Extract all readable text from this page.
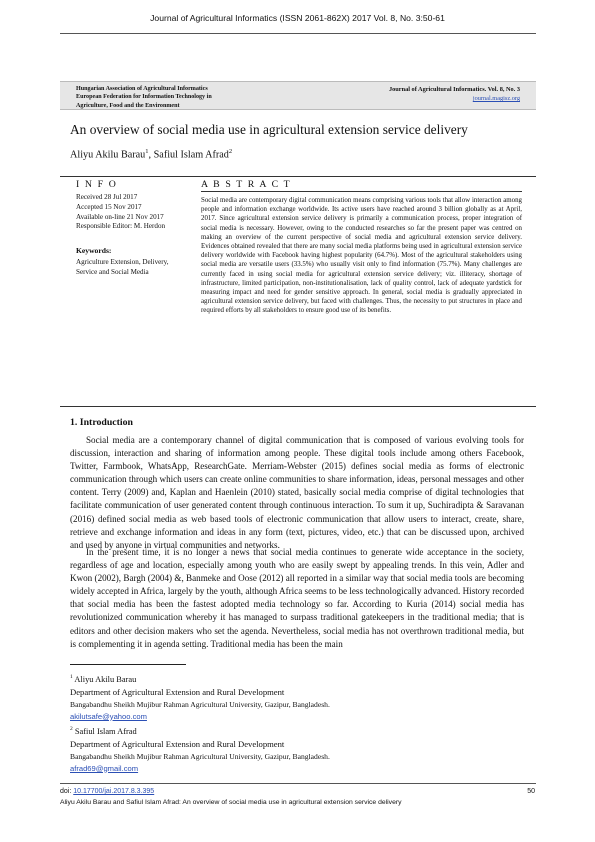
Journal of Agricultural Informatics (ISSN 2061-862X) 2017 Vol. 8, No. 3:50-61
Hungarian Association of Agricultural Informatics
European Federation for Information Technology in
Agriculture, Food and the Environment
Journal of Agricultural Informatics. Vol. 8, No. 3
journal.magisz.org
An overview of social media use in agricultural extension service delivery
Aliyu Akilu Barau$^1$, Safiul Islam Afrad$^2$
I N F O
Received 28 Jul 2017
Accepted 15 Nov 2017
Available on-line 21 Nov 2017
Responsible Editor: M. Herdon
Keywords:
Agriculture Extension, Delivery, Service and Social Media
A B S T R A C T
Social media are contemporary digital communication means comprising various tools that allow interaction among people and information exchange worldwide. Its active users have reached around 3 billion globally as at April, 2017. Since agricultural extension service delivery is primarily a communication process, proper integration of social media is necessary. However, owing to the conducted researches so far the present paper was centred on making an overview of the current perspective of social media and agricultural extension service delivery. Evidences obtained revealed that there are many social media platforms being used in agricultural extension service delivery worldwide with Facebook having highest popularity (64.7%). Most of the agricultural stakeholders using social media are versatile users (33.5%) who usually visit only to find information (75.7%). Many challenges are currently faced in using social media for agricultural extension service delivery; viz. illiteracy, shortage of infrastructure, limited participation, non-institutionalisation, lack of quality control, lack of adequate yardstick for measuring impact and need for gender sensitive approach. In general, social media is gradually appreciated in agricultural extension service delivery, but faced with challenges. Thus, the necessity to put structures in place and required efforts by all stakeholders to ensure good use of its benefits.
1. Introduction
Social media are a contemporary channel of digital communication that is composed of various evolving tools for discussion, interaction and sharing of information among people. These digital tools include among others Facebook, Twitter, Farmbook, WhatsApp, ResearchGate. Merriam-Webster (2015) defines social media as forms of electronic communication through which users can create online communities to share information, ideas, personal messages and other content. Terry (2009) and, Kaplan and Haenlein (2010) stated, basically social media comprise of digital technologies that facilitate communication of user generated content through continuous interaction. To sum it up, Suchiradipta & Saravanan (2016) defined social media as web based tools of electronic communication that allow users to interact, create, share, retrieve and exchange information and ideas in any form (text, pictures, video, etc.) that can be discussed upon, archived and used by anyone in virtual communities and networks.
In the present time, it is no longer a news that social media continues to generate wide acceptance in the society, regardless of age and location, especially among youth who are easily swept by appealing trends. In this vein, Adler and Kwon (2002), Bargh (2004) &, Banmeke and Oose (2012) all reported in a similar way that social media tools are becoming widely accepted in Africa, largely by the youth, although Africa seems to be less technologically advanced. History recorded that social media has been the fastest adopted media technology so far. According to Kuria (2014) social media has revolutionized communication whereby it has managed to surpass traditional gatekeepers in the traditional media; that is editors and other decision makers who set the agenda. Nevertheless, social media has not overthrown traditional media, but is complementing it in agenda setting. Traditional media has been the main
$^1$ Aliyu Akilu Barau
Department of Agricultural Extension and Rural Development
Bangabandhu Sheikh Mujibur Rahman Agricultural University, Gazipur, Bangladesh.
akilutsafe@yahoo.com
$^2$ Safiul Islam Afrad
Department of Agricultural Extension and Rural Development
Bangabandhu Sheikh Mujibur Rahman Agricultural University, Gazipur, Bangladesh.
afrad69@gmail.com
doi: 10.17700/jai.2017.8.3.395	50
Aliyu Akilu Barau and Safiul Islam Afrad: An overview of social media use in agricultural extension service delivery
